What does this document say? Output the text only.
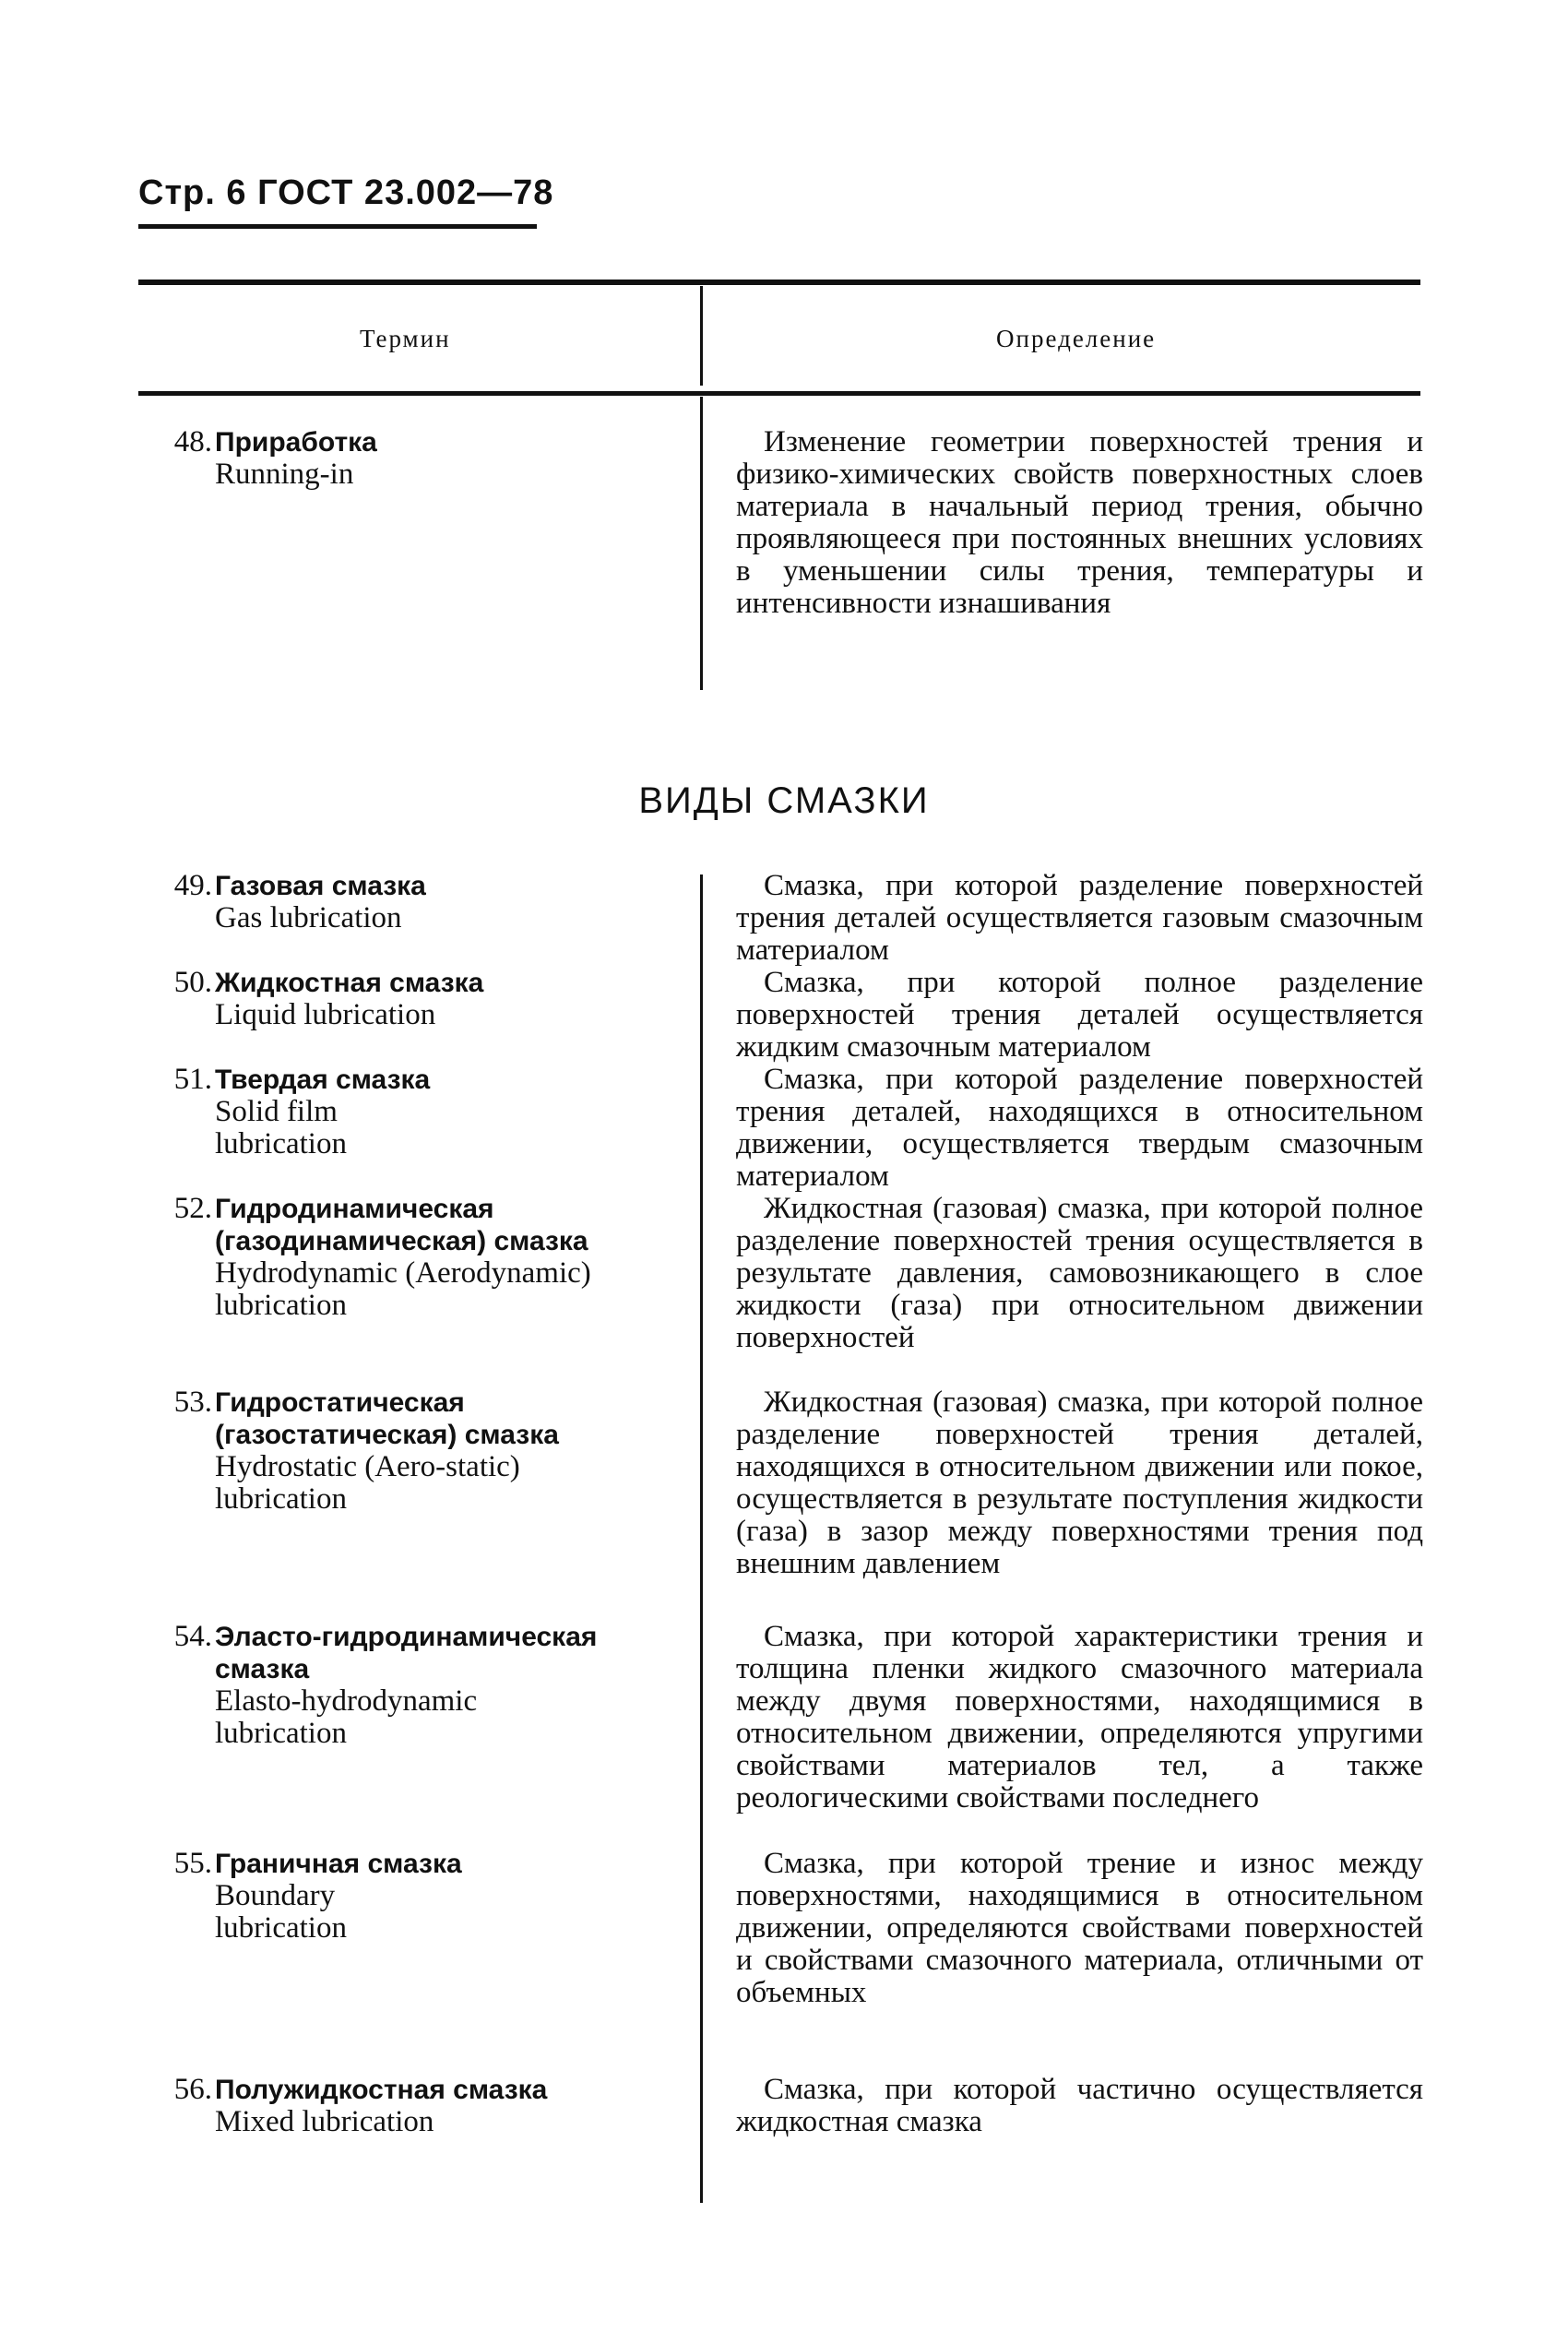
Стр. 6 ГОСТ 23.002—78
Термин	Определение
48. Приработка
Running-in
Изменение геометрии поверхностей трения и физико-химических свойств поверхностных слоев материала в начальный период трения, обычно проявляющееся при постоянных внешних условиях в уменьшении силы трения, температуры и интенсивности изнашивания
ВИДЫ СМАЗКИ
49. Газовая смазка
Gas lubrication
Смазка, при которой разделение поверхностей трения деталей осуществляется газовым смазочным материалом
50. Жидкостная смазка
Liquid lubrication
Смазка, при которой полное разделение поверхностей трения деталей осуществляется жидким смазочным материалом
51. Твердая смазка
Solid film lubrication
Смазка, при которой разделение поверхностей трения деталей, находящихся в относительном движении, осуществляется твердым смазочным материалом
52. Гидродинамическая (газодинамическая) смазка
Hydrodynamic (Aerodynamic) lubrication
Жидкостная (газовая) смазка, при которой полное разделение поверхностей трения осуществляется в результате давления, самовозникающего в слое жидкости (газа) при относительном движении поверхностей
53. Гидростатическая (газостатическая) смазка
Hydrostatic (Aero-static) lubrication
Жидкостная (газовая) смазка, при которой полное разделение поверхностей трения деталей, находящихся в относительном движении или покое, осуществляется в результате поступления жидкости (газа) в зазор между поверхностями трения под внешним давлением
54. Эласто-гидродинамическая смазка
Elasto-hydrodynamic lubrication
Смазка, при которой характеристики трения и толщина пленки жидкого смазочного материала между двумя поверхностями, находящимися в относительном движении, определяются упругими свойствами материалов тел, а также реологическими свойствами последнего
55. Граничная смазка
Boundary lubrication
Смазка, при которой трение и износ между поверхностями, находящимися в относительном движении, определяются свойствами поверхностей и свойствами смазочного материала, отличными от объемных
56. Полужидкостная смазка
Mixed lubrication
Смазка, при которой частично осуществляется жидкостная смазка
